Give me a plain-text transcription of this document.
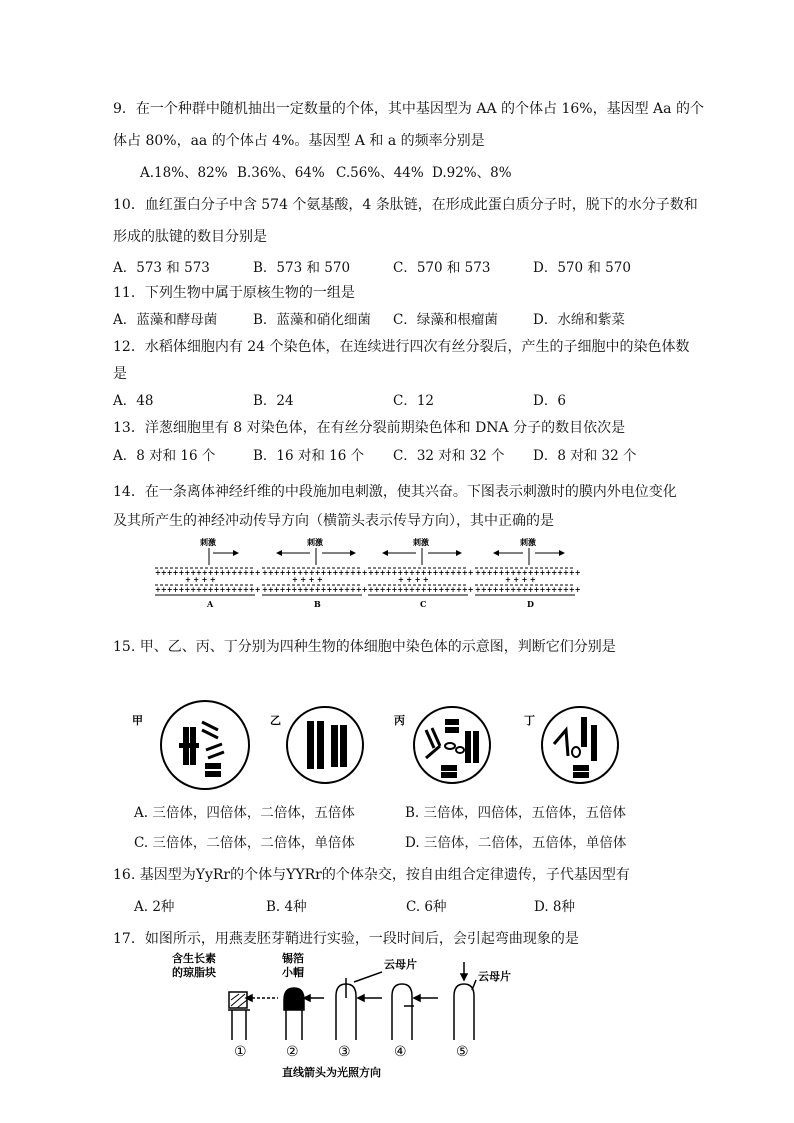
9．在一个种群中随机抽出一定数量的个体，其中基因型为 AA 的个体占 16%，基因型 Aa 的个
体占 80%，aa 的个体占 4%。基因型 A 和 a 的频率分别是
A.18%、82% B.36%、64% C.56%、44% D.92%、8%
10．血红蛋白分子中含 574 个氨基酸，4 条肽链，在形成此蛋白质分子时，脱下的水分子数和
形成的肽键的数目分别是
A．573 和 573	B．573 和 570	C．570 和 573	D．570 和 570
11．下列生物中属于原核生物的一组是
A．蓝藻和酵母菌	B．蓝藻和硝化细菌 C．绿藻和根瘤菌	D．水绵和紫菜
12．水稻体细胞内有 24 个染色体，在连续进行四次有丝分裂后，产生的子细胞中的染色体数
是
A．48	B．24	C．12	D．6
13．洋葱细胞里有 8 对染色体，在有丝分裂前期染色体和 DNA 分子的数目依次是
A．8 对和 16 个	B．16 对和 16 个 C．32 对和 32 个 D．8 对和 32 个
14．在一条离体神经纤维的中段施加电刺激，使其兴奋。下图表示刺激时的膜内外电位变化
及其所产生的神经冲动传导方向（横箭头表示传导方向），其中正确的是
刺激
++++++++++++++++++
+ + + +
++++++++++++++++++
A
刺激
++++++++++++++++++
+ + + +
++++++++++++++++++
B
刺激
++++++++++++++++++
+ + + +
++++++++++++++++++
C
刺激
++++++++++++++++++
+ + + +
++++++++++++++++++
D
15. 甲、乙、丙、丁分别为四种生物的体细胞中染色体的示意图，判断它们分别是
甲	乙	丙	丁
A. 三倍体，四倍体，二倍体，五倍体	B. 三倍体，四倍体，五倍体，五倍体
C. 三倍体，二倍体，二倍体，单倍体	D. 三倍体，二倍体，五倍体，单倍体
16. 基因型为YyRr的个体与YYRr的个体杂交，按自由组合定律遗传，子代基因型有
A. 2种	B. 4种	C. 6种	D. 8种
17．如图所示，用燕麦胚芽鞘进行实验，一段时间后，会引起弯曲现象的是
含生长素
的琼脂块
锡箔
小帽
云母片
云母片
①	②	③	④	⑤
直线箭头为光照方向
